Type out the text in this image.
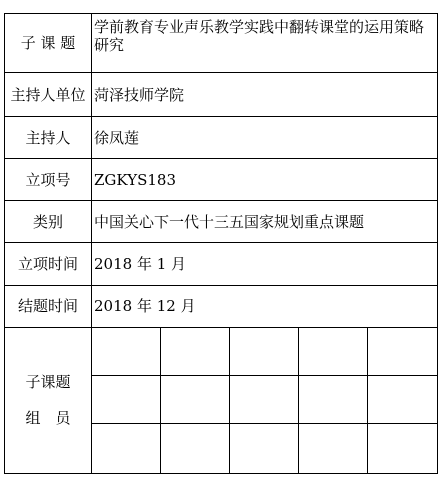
子 课 题	学前教育专业声乐教学实践中翻转课堂的运用策略研究				
主持人单位	菏泽技师学院				
主持人	徐凤莲				
立项号	ZGKYS183				
类别	中国关心下一代十三五国家规划重点课题				
立项时间	2018 年 1 月				
结题时间	2018 年 12 月				

子课题
组　员					
